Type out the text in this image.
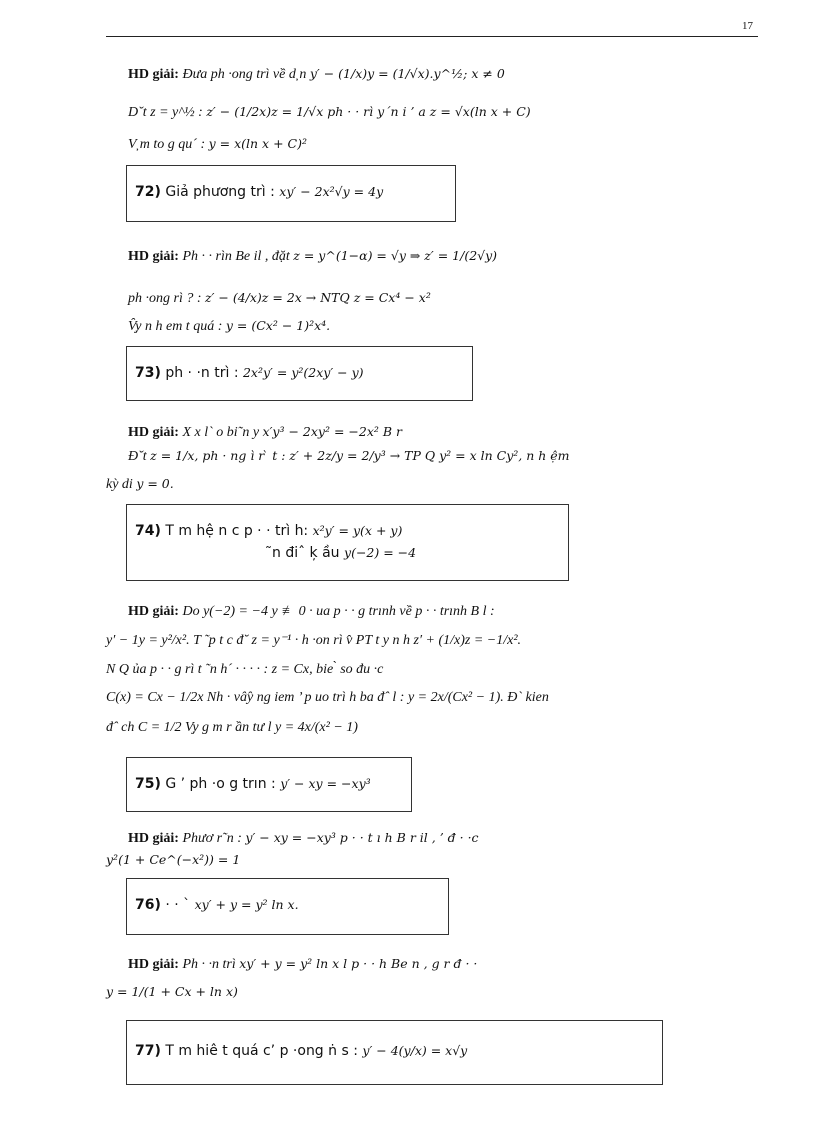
17
HD giải: Đưa ph ·ong trì về d̦ n y′ − (1/x)y = (1/√x).y^½; x ≠ 0
D˘t z = y^½ : z′ − (1/2x)z = 1/√x ph · · rì y´n i ’ a z = √x(ln x + C)
V̦ m to g qu´ : y = x(ln x + C)²
72) Giả phương trì : xy′ − 2x²√y = 4y
HD giải: Ph · · rìn Be il , đặt z = y^(1−α) = √y ⇒ z′ = 1/(2√y)
ph ·ong rì ? : z′ − (4/x)z = 2x → NTQ z = Cx⁴ − x²
V̦̂y n h em t quá : y = (Cx² − 1)²x⁴.
73) ph · ·n trì : 2x²y′ = y²(2xy′ − y)
HD giải: X x l` o bi˜n y x′y³ − 2xy² = −2x² B r
Đ˘t z = 1/x, ph · ng ì r ̀ t : z′ + 2z/y = 2/y³ → TP Q y² = x ln Cy², n h ệm
kỳ di y = 0.
74) T m hệ n c p · · trì h: x²y′ = y(x + y)
˜n điˆ k̦ ầu y(−2) = −4
HD giải: Do y(−2) = −4 y ≢ 0 · ua p · · g trınh về p · · trınh B l :
y′ − 1y = y²/x². T ˜p t c đ˘ z = y⁻¹ · h ·on rì v̂ PT t y n h z′ + (1/x)z = −1/x².
N Q ủa p · · g rì t ˜n h´ · · · · : z = Cx, bie ̀ so đu ·c
C(x) = Cx − 1/2x Nh · vâ̂y ng iem ’ p uo trì h ba đˆ l : y = 2x/(Cx² − 1). Đ` kien
đˆ ch C = 1/2 V̦y g m r ần tư l y = 4x/(x² − 1)
75) G ’ ph ·o g trın : y′ − xy = −xy³
HD giải: Phươ r˜n : y′ − xy = −xy³ p · · t ı h B r il , ’ đ · ·c
y²(1 + Ce^(−x²)) = 1
76) · · ` xy′ + y = y² ln x.
HD giải: Ph · ·n trì xy′ + y = y² ln x l p · · h Be n , g r đ · ·
y = 1/(1 + Cx + ln x)
77) T m hiê t quá c’ p ·ong ṅ s : y′ − 4(y/x) = x√y
